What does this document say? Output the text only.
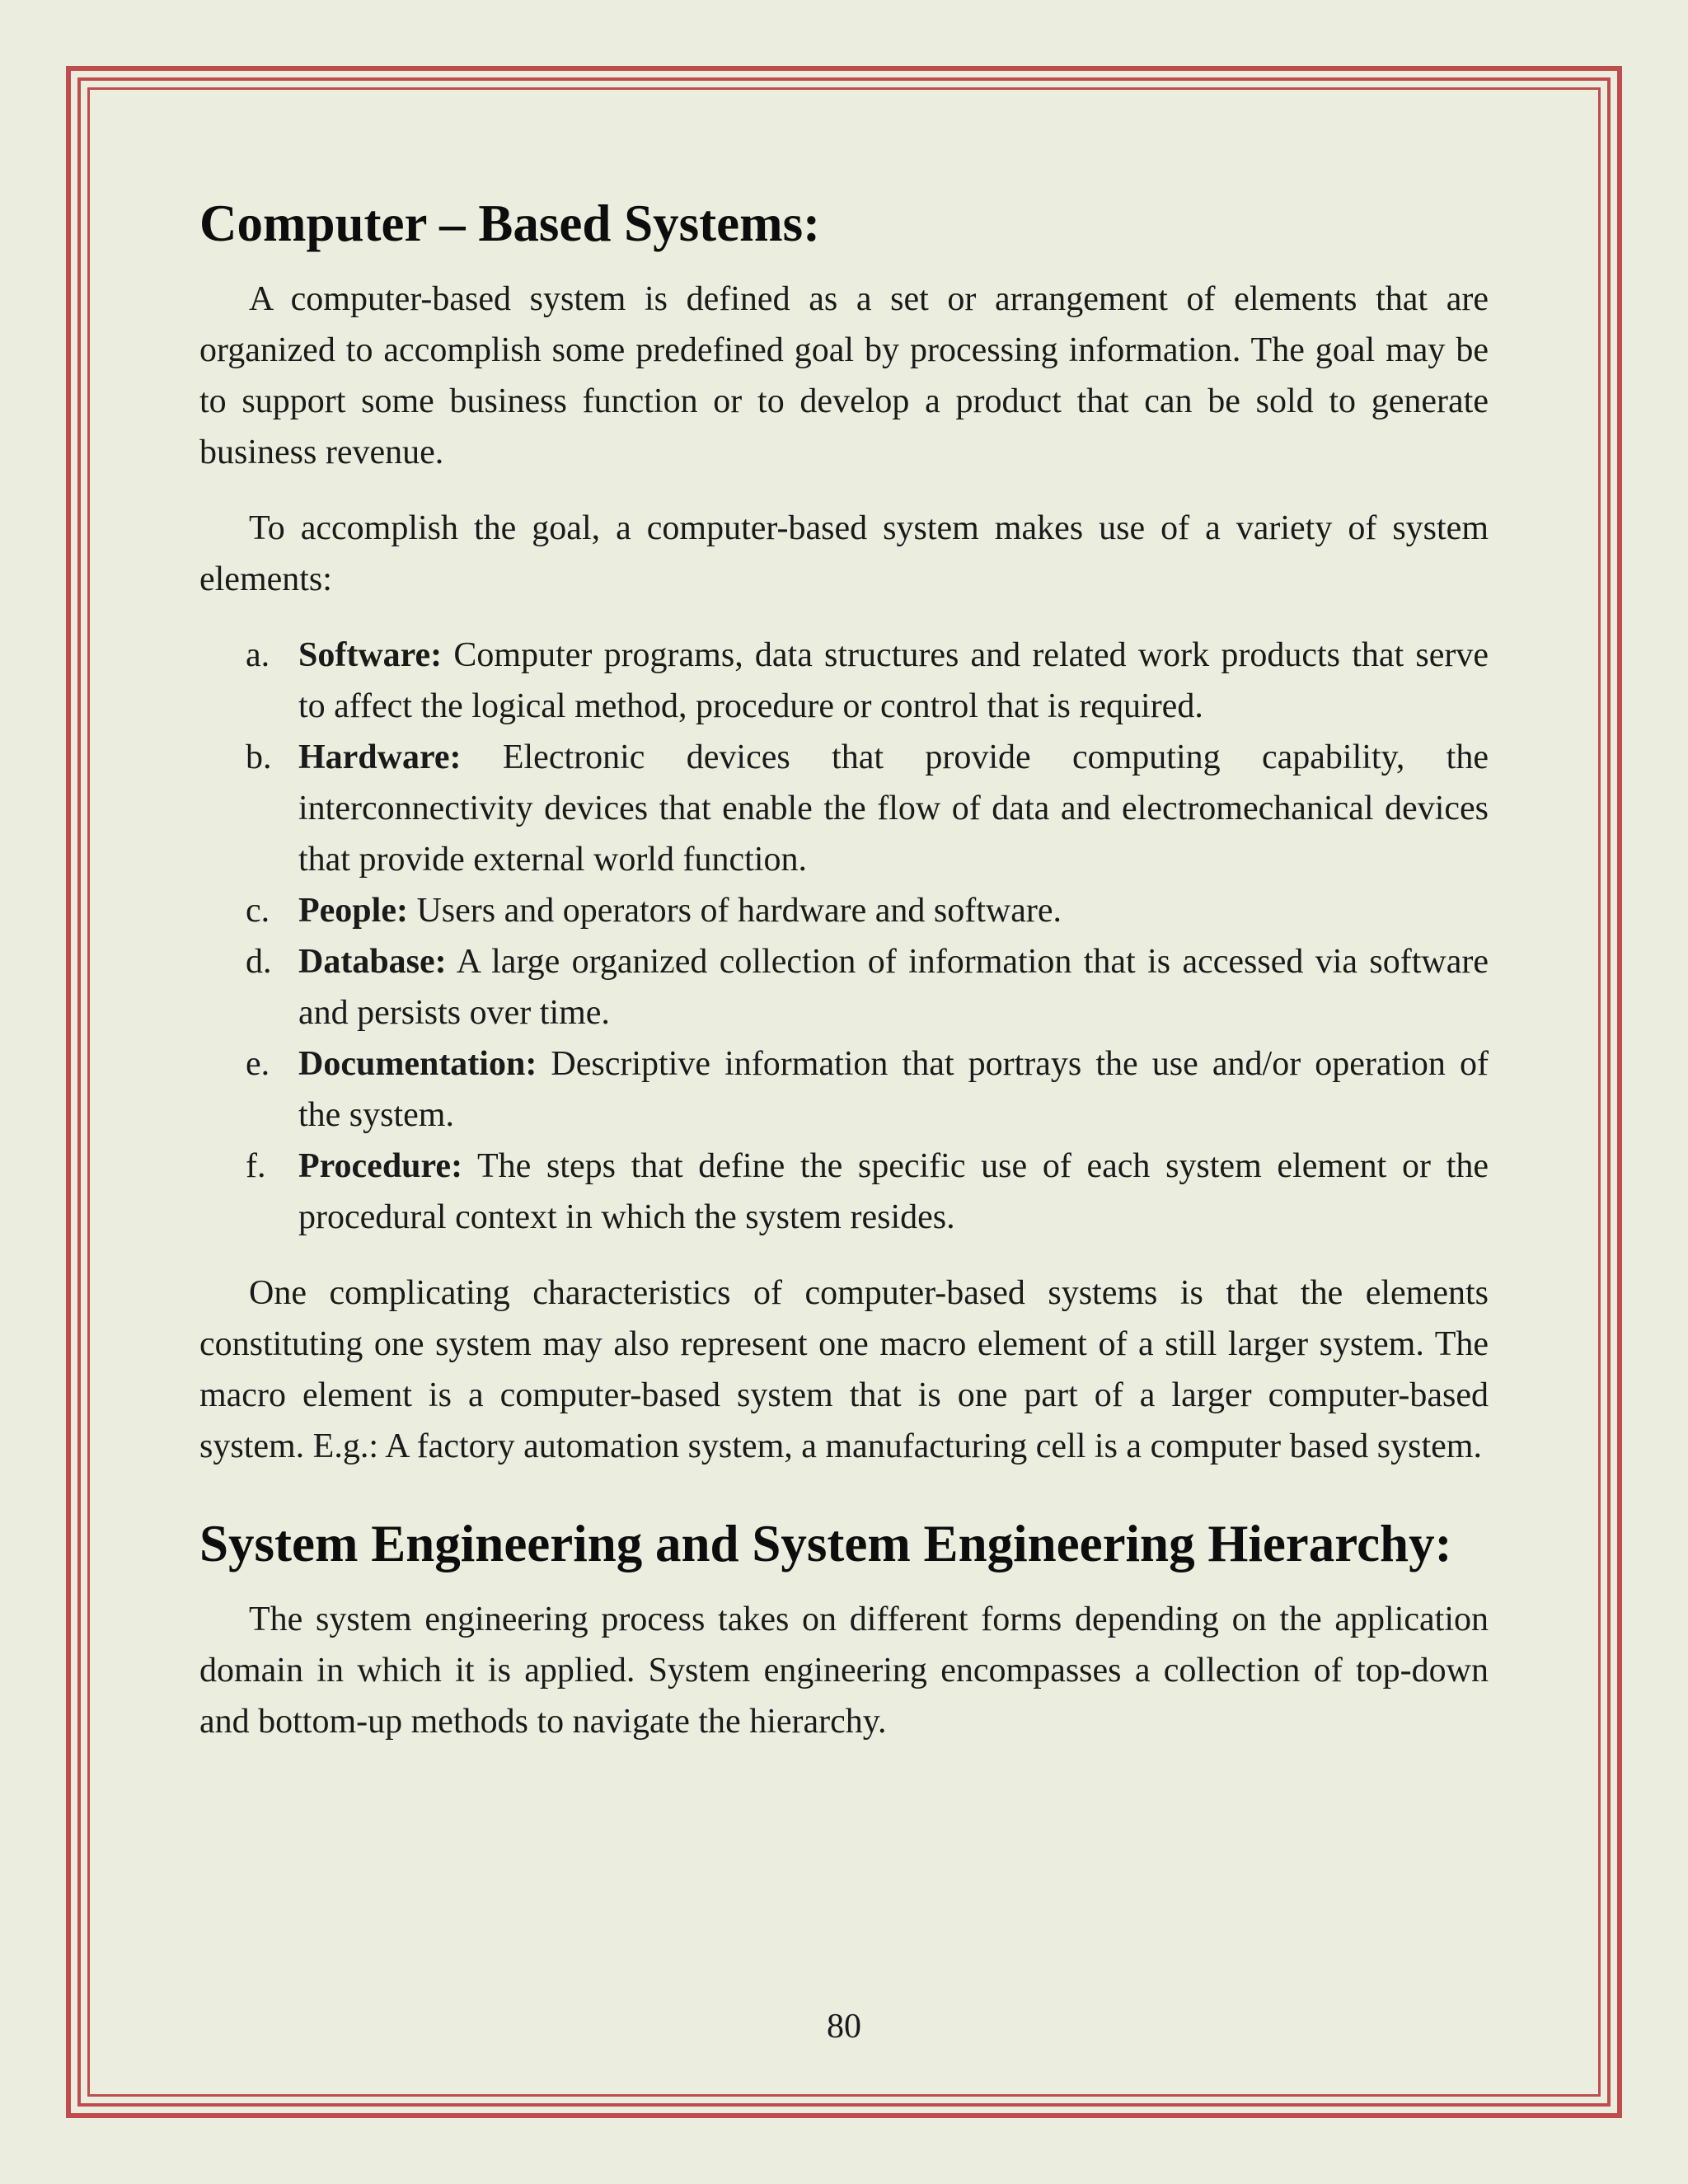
Computer – Based Systems:

A computer-based system is defined as a set or arrangement of elements that are organized to accomplish some predefined goal by processing information. The goal may be to support some business function or to develop a product that can be sold to generate business revenue.

To accomplish the goal, a computer-based system makes use of a variety of system elements:

a. Software: Computer programs, data structures and related work products that serve to affect the logical method, procedure or control that is required.
b. Hardware: Electronic devices that provide computing capability, the interconnectivity devices that enable the flow of data and electromechanical devices that provide external world function.
c. People: Users and operators of hardware and software.
d. Database: A large organized collection of information that is accessed via software and persists over time.
e. Documentation: Descriptive information that portrays the use and/or operation of the system.
f. Procedure: The steps that define the specific use of each system element or the procedural context in which the system resides.

One complicating characteristics of computer-based systems is that the elements constituting one system may also represent one macro element of a still larger system. The macro element is a computer-based system that is one part of a larger computer-based system. E.g.: A factory automation system, a manufacturing cell is a computer based system.

System Engineering and System Engineering Hierarchy:

The system engineering process takes on different forms depending on the application domain in which it is applied. System engineering encompasses a collection of top-down and bottom-up methods to navigate the hierarchy.

80
